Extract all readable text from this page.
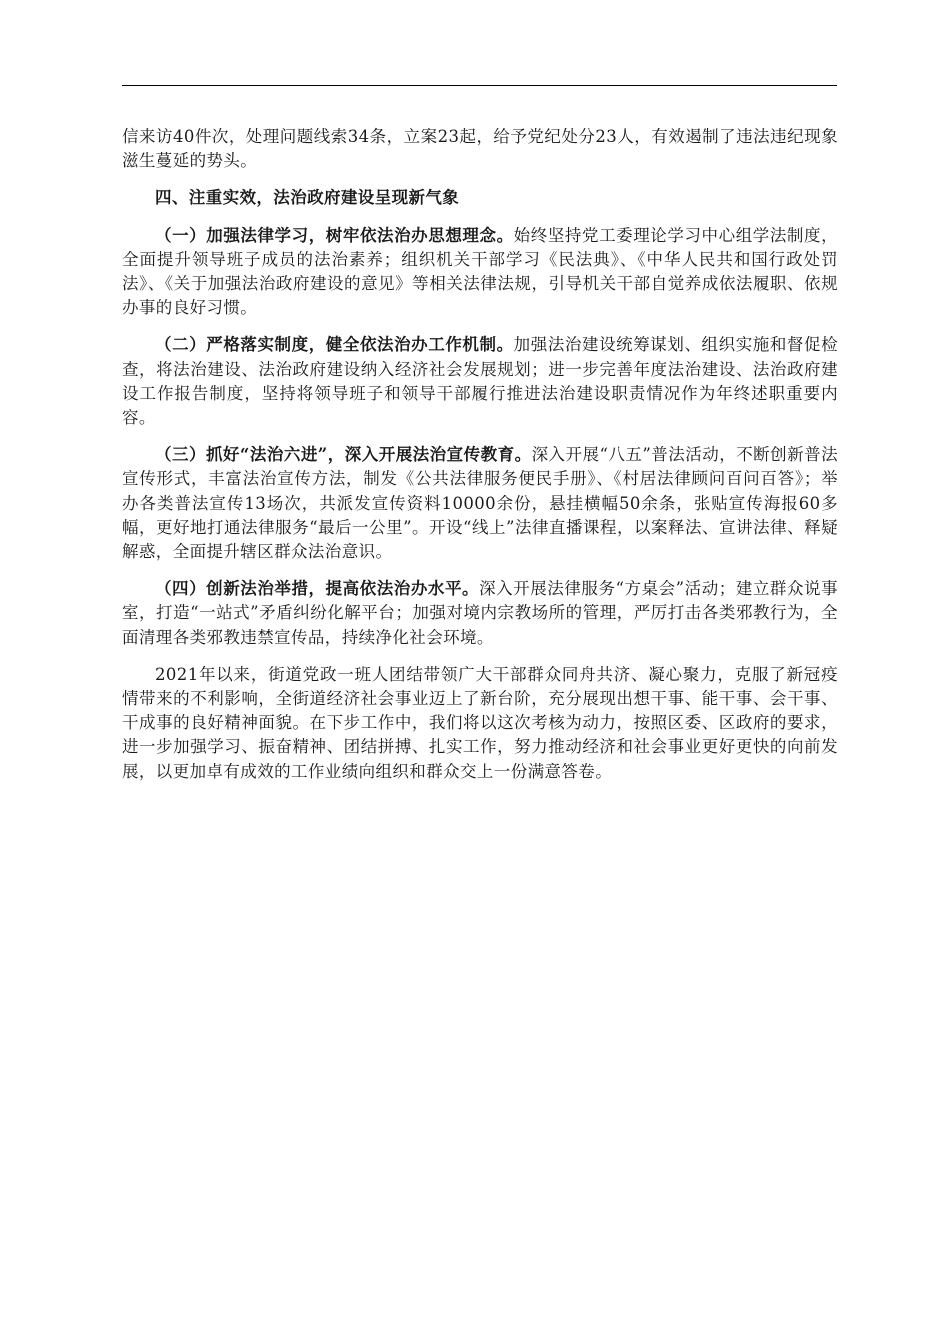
信来访40件次，处理问题线索34条，立案23起，给予党纪处分23人，有效遏制了违法违纪现象滋生蔓延的势头。

四、注重实效，法治政府建设呈现新气象

（一）加强法律学习，树牢依法治办思想理念。始终坚持党工委理论学习中心组学法制度，全面提升领导班子成员的法治素养；组织机关干部学习《民法典》、《中华人民共和国行政处罚法》、《关于加强法治政府建设的意见》等相关法律法规，引导机关干部自觉养成依法履职、依规办事的良好习惯。

（二）严格落实制度，健全依法治办工作机制。加强法治建设统筹谋划、组织实施和督促检查，将法治建设、法治政府建设纳入经济社会发展规划；进一步完善年度法治建设、法治政府建设工作报告制度，坚持将领导班子和领导干部履行推进法治建设职责情况作为年终述职重要内容。

（三）抓好“法治六进”，深入开展法治宣传教育。深入开展“八五”普法活动，不断创新普法宣传形式，丰富法治宣传方法，制发《公共法律服务便民手册》、《村居法律顾问百问百答》；举办各类普法宣传13场次，共派发宣传资料10000余份，悬挂横幅50余条，张贴宣传海报60多幅，更好地打通法律服务“最后一公里”。开设“线上”法律直播课程，以案释法、宣讲法律、释疑解惑，全面提升辖区群众法治意识。

（四）创新法治举措，提高依法治办水平。深入开展法律服务“方桌会”活动；建立群众说事室，打造“一站式”矛盾纠纷化解平台；加强对境内宗教场所的管理，严厉打击各类邪教行为，全面清理各类邪教违禁宣传品，持续净化社会环境。

2021年以来，街道党政一班人团结带领广大干部群众同舟共济、凝心聚力，克服了新冠疫情带来的不利影响，全街道经济社会事业迈上了新台阶，充分展现出想干事、能干事、会干事、干成事的良好精神面貌。在下步工作中，我们将以这次考核为动力，按照区委、区政府的要求，进一步加强学习、振奋精神、团结拼搏、扎实工作，努力推动经济和社会事业更好更快的向前发展，以更加卓有成效的工作业绩向组织和群众交上一份满意答卷。
